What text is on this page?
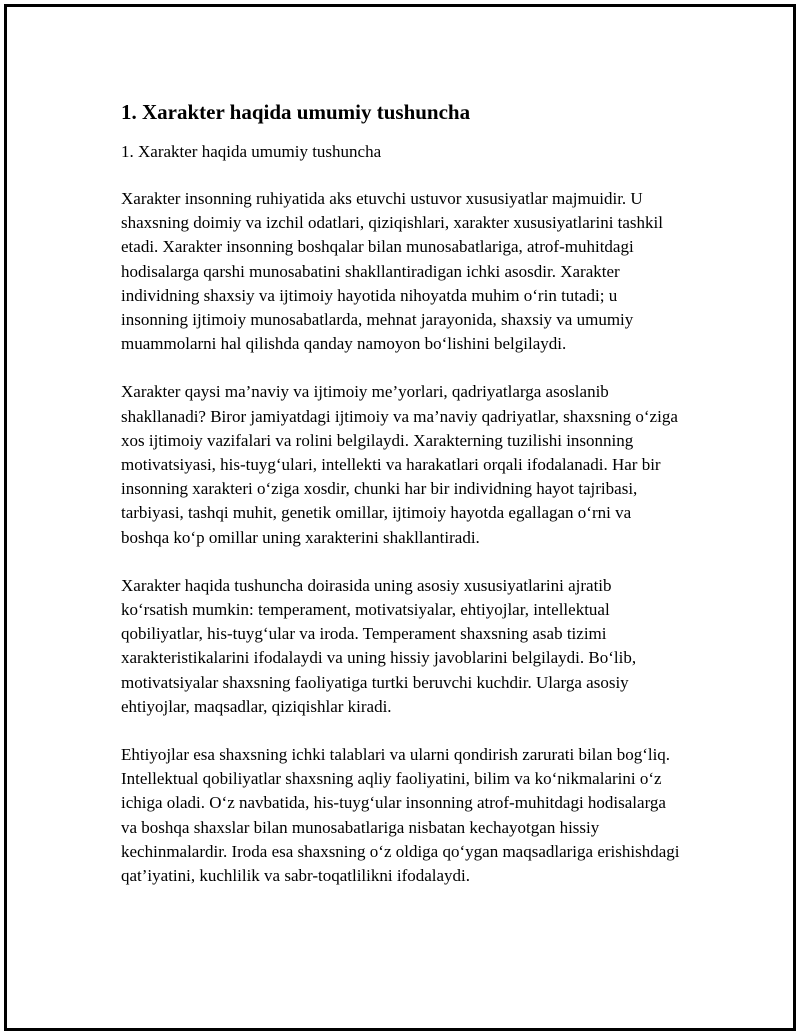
1. Xarakter haqida umumiy tushuncha

1. Xarakter haqida umumiy tushuncha

Xarakter insonning ruhiyatida aks etuvchi ustuvor xususiyatlar majmuidir. U shaxsning doimiy va izchil odatlari, qiziqishlari, xarakter xususiyatlarini tashkil etadi. Xarakter insonning boshqalar bilan munosabatlariga, atrof-muhitdagi hodisalarga qarshi munosabatini shakllantiradigan ichki asosdir. Xarakter individning shaxsiy va ijtimoiy hayotida nihoyatda muhim o‘rin tutadi; u insonning ijtimoiy munosabatlarda, mehnat jarayonida, shaxsiy va umumiy muammolarni hal qilishda qanday namoyon bo‘lishini belgilaydi.

Xarakter qaysi ma’naviy va ijtimoiy me’yorlari, qadriyatlarga asoslanib shakllanadi? Biror jamiyatdagi ijtimoiy va ma’naviy qadriyatlar, shaxsning o‘ziga xos ijtimoiy vazifalari va rolini belgilaydi. Xarakterning tuzilishi insonning motivatsiyasi, his-tuyg‘ulari, intellekti va harakatlari orqali ifodalanadi. Har bir insonning xarakteri o‘ziga xosdir, chunki har bir individning hayot tajribasi, tarbiyasi, tashqi muhit, genetik omillar, ijtimoiy hayotda egallagan o‘rni va boshqa ko‘p omillar uning xarakterini shakllantiradi.

Xarakter haqida tushuncha doirasida uning asosiy xususiyatlarini ajratib ko‘rsatish mumkin: temperament, motivatsiyalar, ehtiyojlar, intellektual qobiliyatlar, his-tuyg‘ular va iroda. Temperament shaxsning asab tizimi xarakteristikalarini ifodalaydi va uning hissiy javoblarini belgilaydi. Bo‘lib, motivatsiyalar shaxsning faoliyatiga turtki beruvchi kuchdir. Ularga asosiy ehtiyojlar, maqsadlar, qiziqishlar kiradi.

Ehtiyojlar esa shaxsning ichki talablari va ularni qondirish zarurati bilan bog‘liq. Intellektual qobiliyatlar shaxsning aqliy faoliyatini, bilim va ko‘nikmalarini o‘z ichiga oladi. O‘z navbatida, his-tuyg‘ular insonning atrof-muhitdagi hodisalarga va boshqa shaxslar bilan munosabatlariga nisbatan kechayotgan hissiy kechinmalardir. Iroda esa shaxsning o‘z oldiga qo‘ygan maqsadlariga erishishdagi qat’iyatini, kuchlilik va sabr-toqatlilikni ifodalaydi.
